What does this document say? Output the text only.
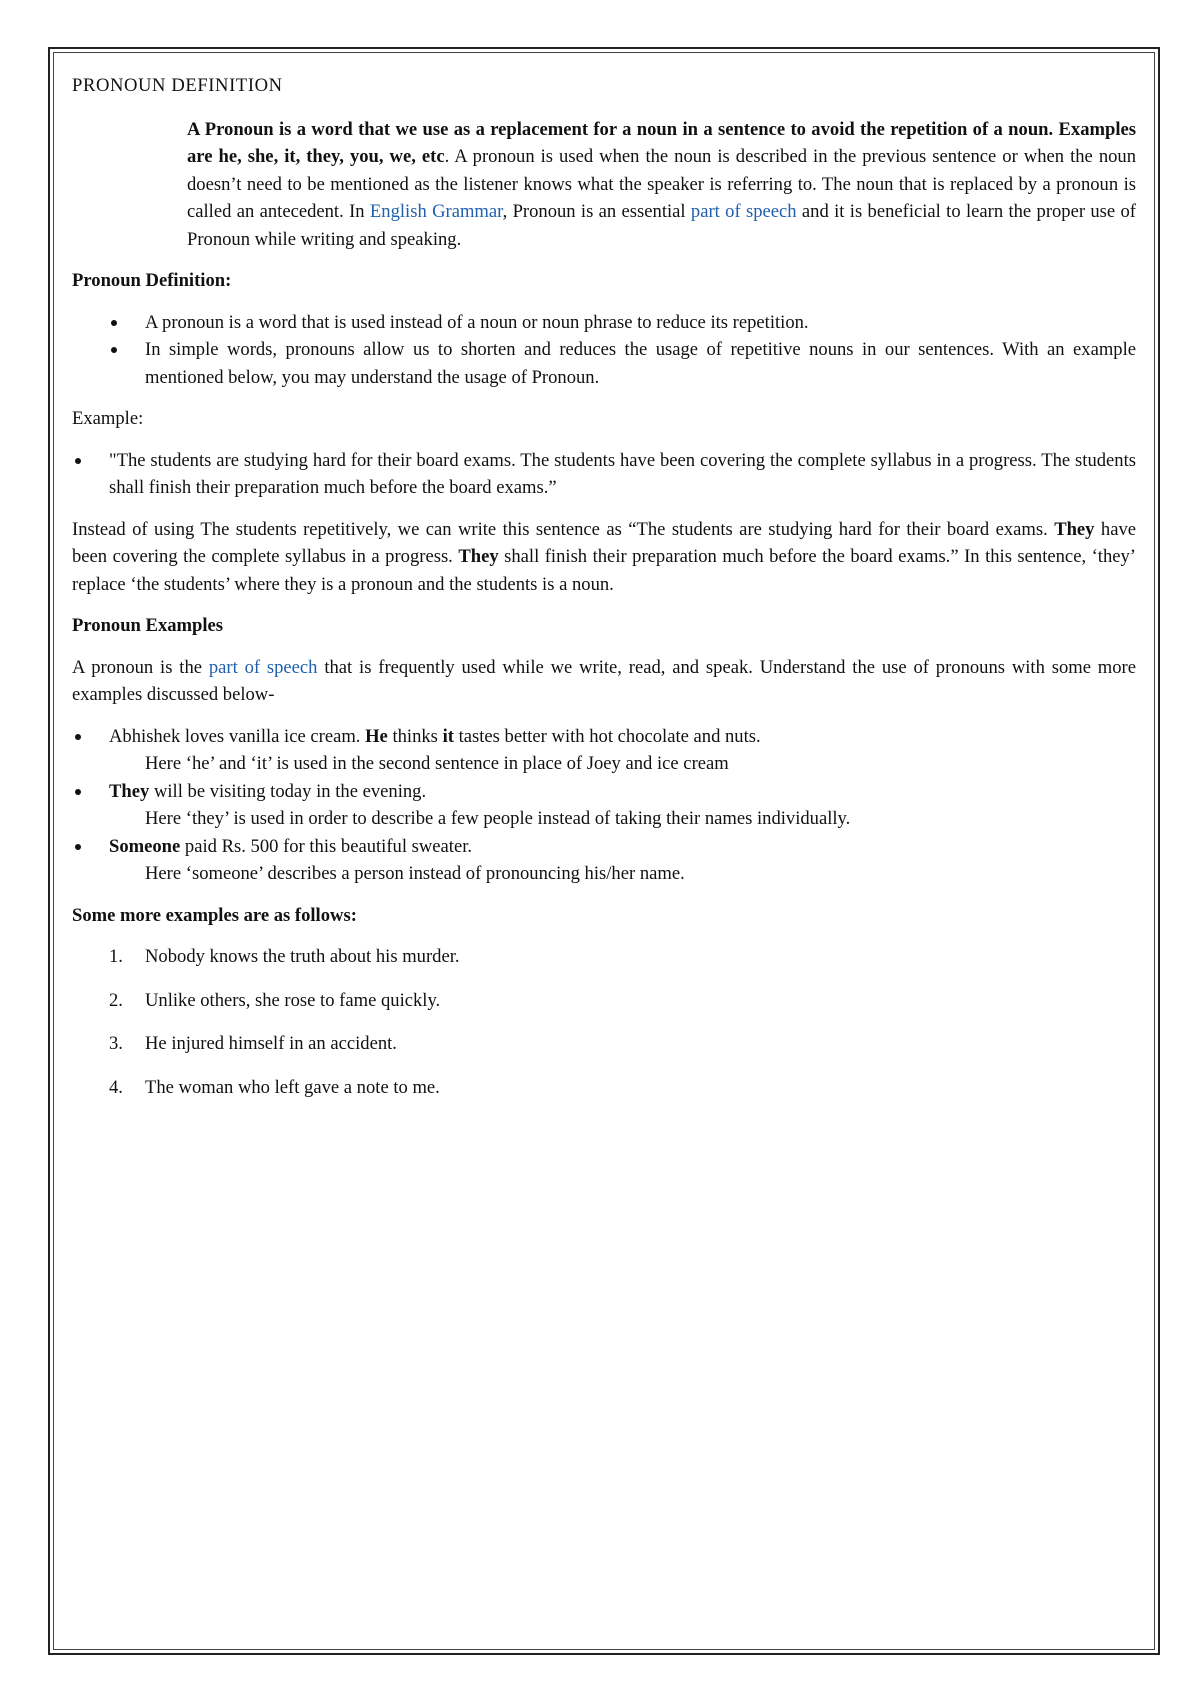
PRONOUN DEFINITION

A Pronoun is a word that we use as a replacement for a noun in a sentence to avoid the repetition of a noun. Examples are he, she, it, they, you, we, etc. A pronoun is used when the noun is described in the previous sentence or when the noun doesn’t need to be mentioned as the listener knows what the speaker is referring to. The noun that is replaced by a pronoun is called an antecedent. In English Grammar, Pronoun is an essential part of speech and it is beneficial to learn the proper use of Pronoun while writing and speaking.

Pronoun Definition:

A pronoun is a word that is used instead of a noun or noun phrase to reduce its repetition.
In simple words, pronouns allow us to shorten and reduces the usage of repetitive nouns in our sentences. With an example mentioned below, you may understand the usage of Pronoun.

Example:

"The students are studying hard for their board exams. The students have been covering the complete syllabus in a progress. The students shall finish their preparation much before the board exams.”

Instead of using The students repetitively, we can write this sentence as “The students are studying hard for their board exams. They have been covering the complete syllabus in a progress. They shall finish their preparation much before the board exams.” In this sentence, ‘they’ replace ‘the students’ where they is a pronoun and the students is a noun.

Pronoun Examples

A pronoun is the part of speech that is frequently used while we write, read, and speak. Understand the use of pronouns with some more examples discussed below-

Abhishek loves vanilla ice cream. He thinks it tastes better with hot chocolate and nuts.
Here ‘he’ and ‘it’ is used in the second sentence in place of Joey and ice cream
They will be visiting today in the evening.
Here ‘they’ is used in order to describe a few people instead of taking their names individually.
Someone paid Rs. 500 for this beautiful sweater.
Here ‘someone’ describes a person instead of pronouncing his/her name.

Some more examples are as follows:

1. Nobody knows the truth about his murder.
2. Unlike others, she rose to fame quickly.
3. He injured himself in an accident.
4. The woman who left gave a note to me.
